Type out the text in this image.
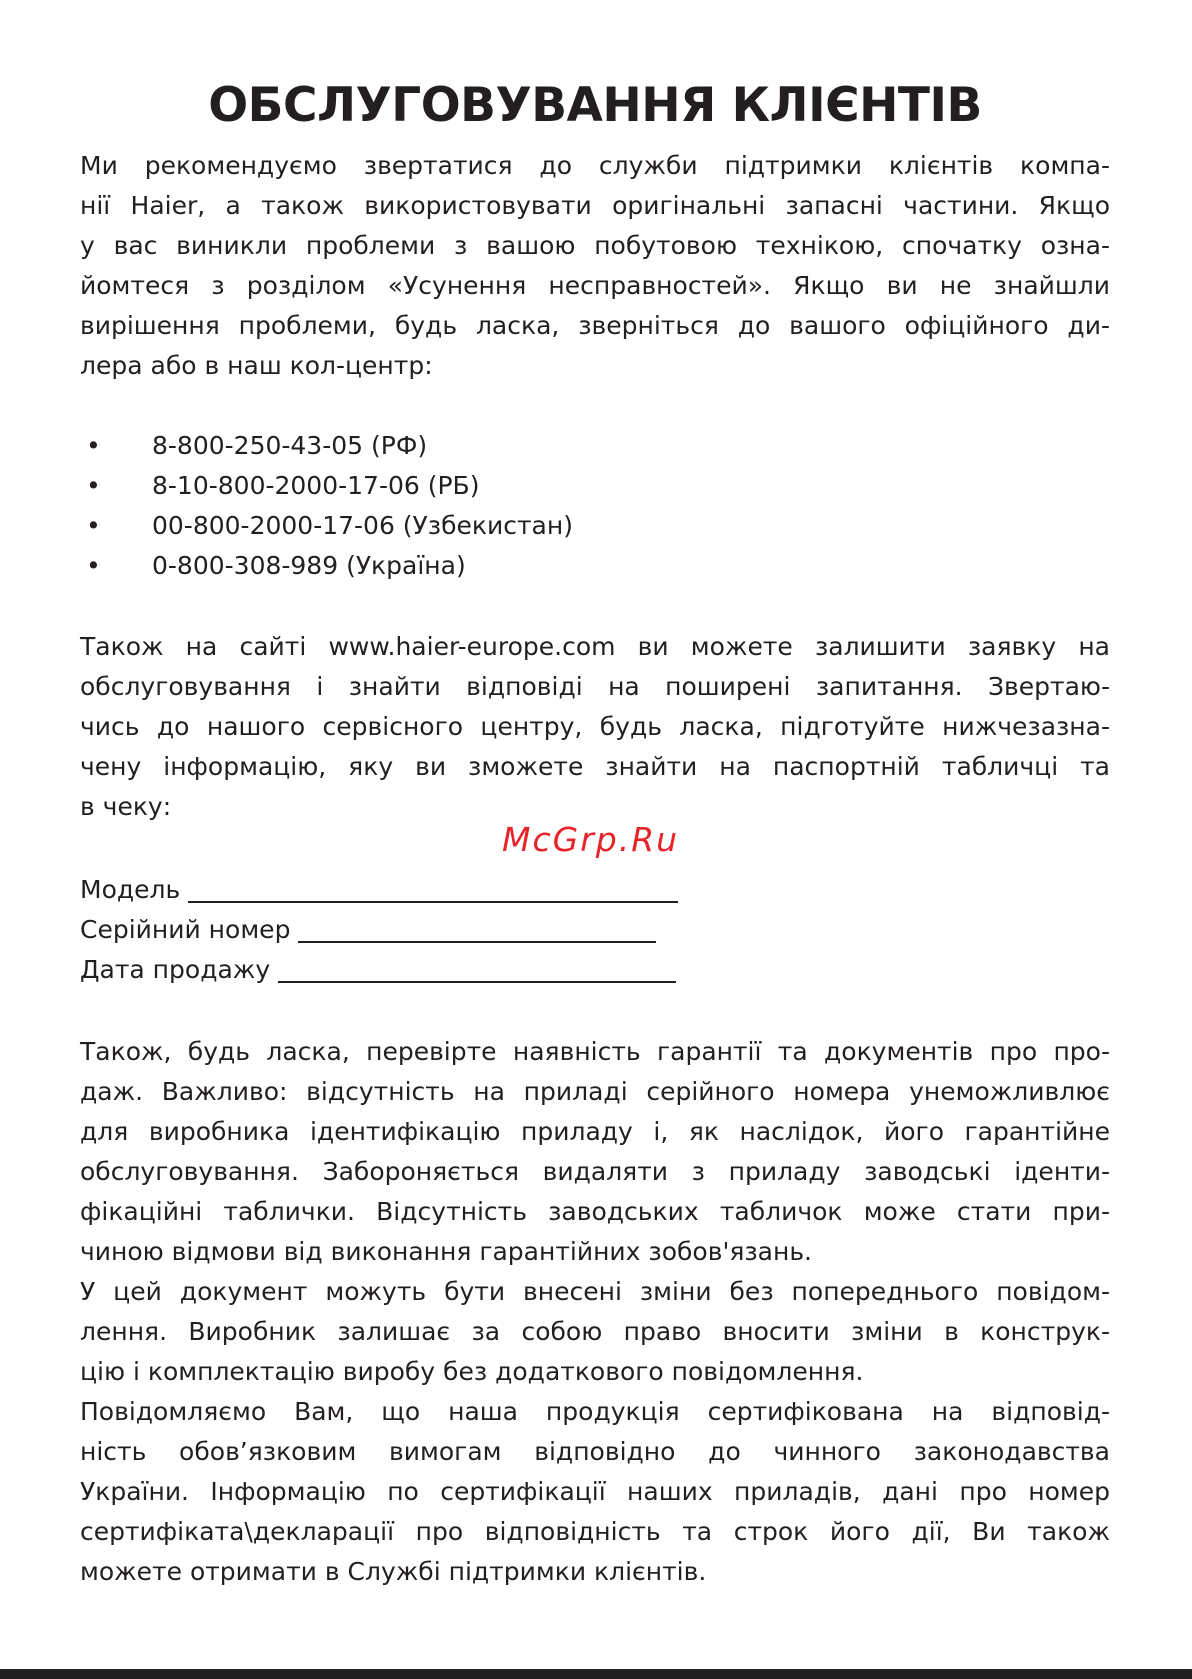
ОБСЛУГОВУВАННЯ КЛІЄНТІВ

Ми рекомендуємо звертатися до служби підтримки клієнтів компа-
нії Haier, а також використовувати оригінальні запасні частини. Якщо
у вас виникли проблеми з вашою побутовою технікою, спочатку озна-
йомтеся з розділом «Усунення несправностей». Якщо ви не знайшли
вирішення проблеми, будь ласка, зверніться до вашого офіційного ди-
лера або в наш кол-центр:

• 8-800-250-43-05 (РФ)
• 8-10-800-2000-17-06 (РБ)
• 00-800-2000-17-06 (Узбекистан)
• 0-800-308-989 (Україна)

Також на сайті www.haier-europe.com ви можете залишити заявку на
обслуговування і знайти відповіді на поширені запитання. Звертаю-
чись до нашого сервісного центру, будь ласка, підготуйте нижчезазна-
чену інформацію, яку ви зможете знайти на паспортній табличці та
в чеку:

McGrp.Ru
Модель
Серійний номер
Дата продажу

Також, будь ласка, перевірте наявність гарантії та документів про про-
даж. Важливо: відсутність на приладі серійного номера унеможливлює
для виробника ідентифікацію приладу і, як наслідок, його гарантійне
обслуговування. Забороняється видаляти з приладу заводські іденти-
фікаційні таблички. Відсутність заводських табличок може стати при-
чиною відмови від виконання гарантійних зобов'язань.

У цей документ можуть бути внесені зміни без попереднього повідом-
лення. Виробник залишає за собою право вносити зміни в конструк-
цію і комплектацію виробу без додаткового повідомлення.

Повідомляємо Вам, що наша продукція сертифікована на відповід-
ність обов’язковим вимогам відповідно до чинного законодавства
України. Інформацію по сертифікації наших приладів, дані про номер
сертифіката\декларації про відповідність та строк його дії, Ви також
можете отримати в Службі підтримки клієнтів.
